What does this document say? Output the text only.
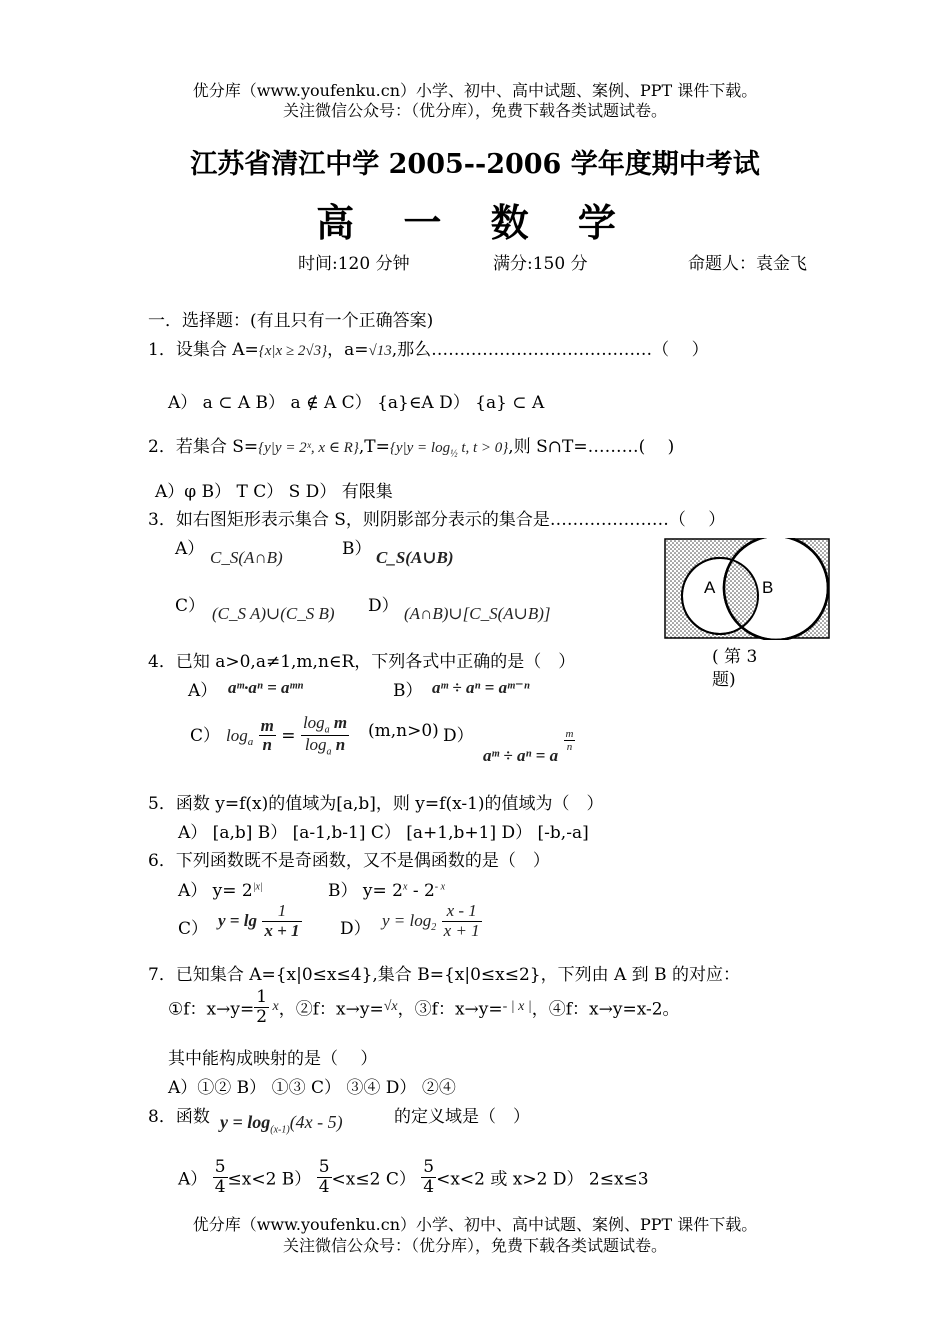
优分库（www.youfenku.cn）小学、初中、高中试题、案例、PPT 课件下载。
关注微信公众号：（优分库），免费下载各类试题试卷。
江苏省清江中学 2005--2006 学年度期中考试
高 一 数 学
时间:120 分钟	满分:150 分	命题人：袁金飞
一．选择题：(有且只有一个正确答案)
1．设集合 A={x|x ≥ 2√3}，a=√13,那么…………………………………（　 ）
A） a ⊂ A B） a ∉ A C） {a}∈A D） {a} ⊂ A
2．若集合 S={y|y = 2ˣ, x ∈ $R\},T=\{y|y = \log_{\frac{1}{2}} t$, t > 0},则 S∩T=………(　 )
A）φ B） T C） S D） 有限集
3．如右图矩形表示集合 S，则阴影部分表示的集合是…………………（　 ）
A） C_S(A∩B)	B） C_S(A∪B)
C） (C_S A)∪(C_S B) D） (A∩B)∪[C_S(A∪B)]
A	B
( 第 3
题)
4．已知 a>0,a≠1,m,n∈R，下列各式中正确的是（　）
A） aᵐ·aⁿ = aᵐⁿ	B） aᵐ ÷ aⁿ = aᵐ⁻ⁿ
C） $\log_a \frac{m}{n} = \frac{\log_a m}{\log_a n} (m,n>0)$ D）
aᵐ ÷ aⁿ = a
$\frac{m}{n}$
5．函数 y=f(x)的值域为[a,b]，则 y=f(x-1)的值域为（　）
A） [a,b] B） [a-1,b-1] C） [a+1,b+1] D） [-b,-a]
6．下列函数既不是奇函数，又不是偶函数的是（　）
A） $y= 2^{|x|}$	B） $y= 2^x - 2^{- x}$
C） $y = \lg \frac{1}{x + 1} D$） $y = \log_2 \frac{x - 1}{x + 1}$
7．已知集合 A={x|0≤x≤4},集合 B={x|0≤x≤2}，下列由 A 到 B 的对应：
①f：$x\to y= \frac{1}{2}$ x，②f：x→y=√x，③f：x→y=- | x |，④f：x→y=x-2。
其中能构成映射的是（　 ）
A）①② B） ①③ C） ③④ D） ②④
8．函数 $y = \log_{(x-1)}(4x - 5)$	的定义域是（　）
$A) \frac{5}{4} \le x<2$ $B) \frac{5}{4} <x\le 2$ $C) \frac{5}{4} <x<2$ 或 x>2 D） 2≤x≤3
优分库（www.youfenku.cn）小学、初中、高中试题、案例、PPT 课件下载。
关注微信公众号：（优分库），免费下载各类试题试卷。
